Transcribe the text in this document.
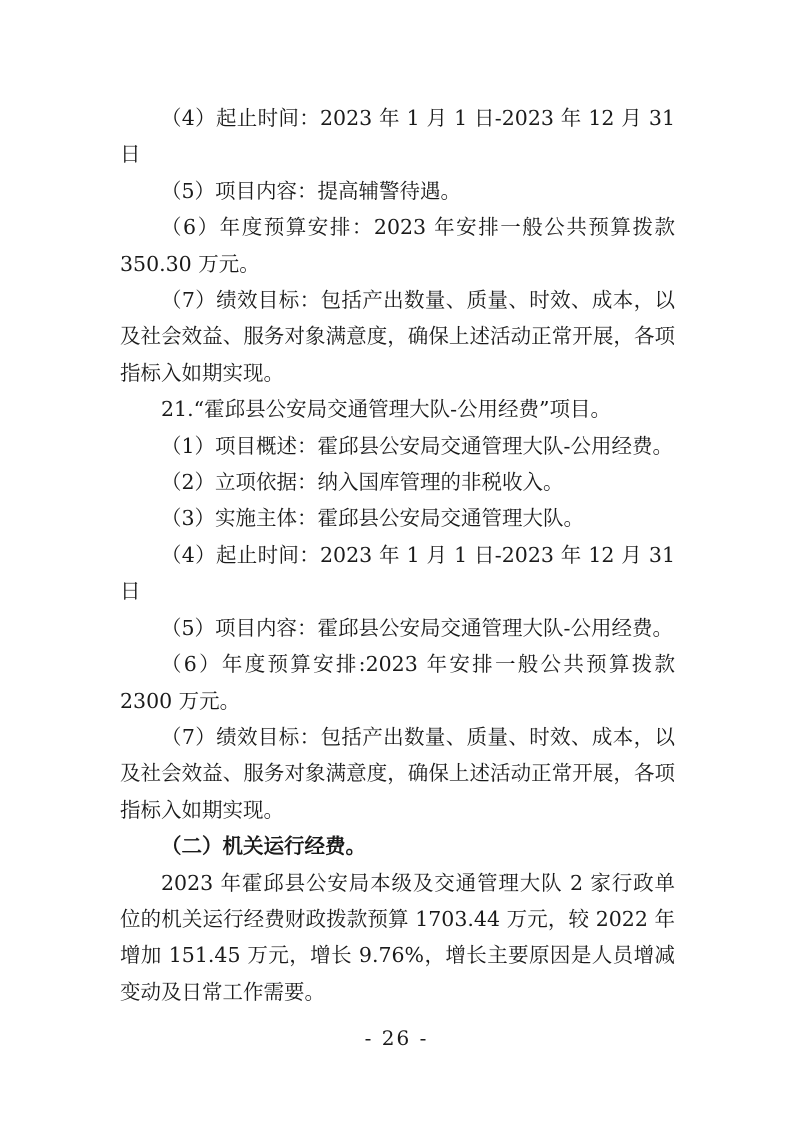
（4）起止时间：2023 年 1 月 1 日-2023 年 12 月 31 日

（5）项目内容：提高辅警待遇。

（6）年度预算安排：2023 年安排一般公共预算拨款 350.30 万元。

（7）绩效目标：包括产出数量、质量、时效、成本，以及社会效益、服务对象满意度，确保上述活动正常开展，各项指标入如期实现。

21.“霍邱县公安局交通管理大队-公用经费”项目。

（1）项目概述：霍邱县公安局交通管理大队-公用经费。

（2）立项依据：纳入国库管理的非税收入。

（3）实施主体：霍邱县公安局交通管理大队。

（4）起止时间：2023 年 1 月 1 日-2023 年 12 月 31 日

（5）项目内容：霍邱县公安局交通管理大队-公用经费。

（6）年度预算安排:2023 年安排一般公共预算拨款 2300 万元。

（7）绩效目标：包括产出数量、质量、时效、成本，以及社会效益、服务对象满意度，确保上述活动正常开展，各项指标入如期实现。

（二）机关运行经费。

2023 年霍邱县公安局本级及交通管理大队 2 家行政单位的机关运行经费财政拨款预算 1703.44 万元，较 2022 年增加 151.45 万元，增长 9.76%，增长主要原因是人员增减变动及日常工作需要。

- 26 -
